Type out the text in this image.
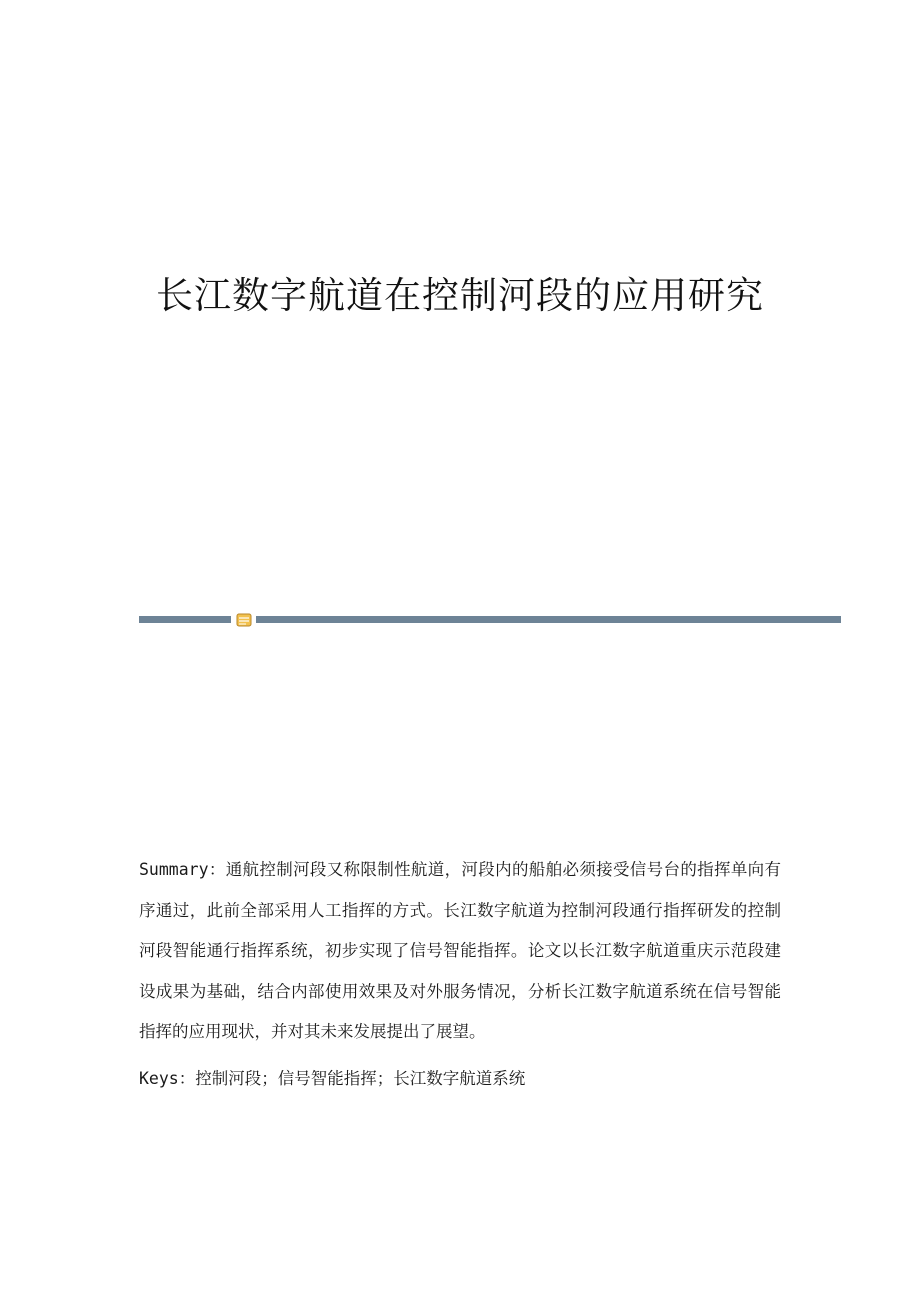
长江数字航道在控制河段的应用研究

Summary：通航控制河段又称限制性航道，河段内的船舶必须接受信号台的指挥单向有序通过，此前全部采用人工指挥的方式。长江数字航道为控制河段通行指挥研发的控制河段智能通行指挥系统，初步实现了信号智能指挥。论文以长江数字航道重庆示范段建设成果为基础，结合内部使用效果及对外服务情况，分析长江数字航道系统在信号智能指挥的应用现状，并对其未来发展提出了展望。

Keys：控制河段；信号智能指挥；长江数字航道系统
